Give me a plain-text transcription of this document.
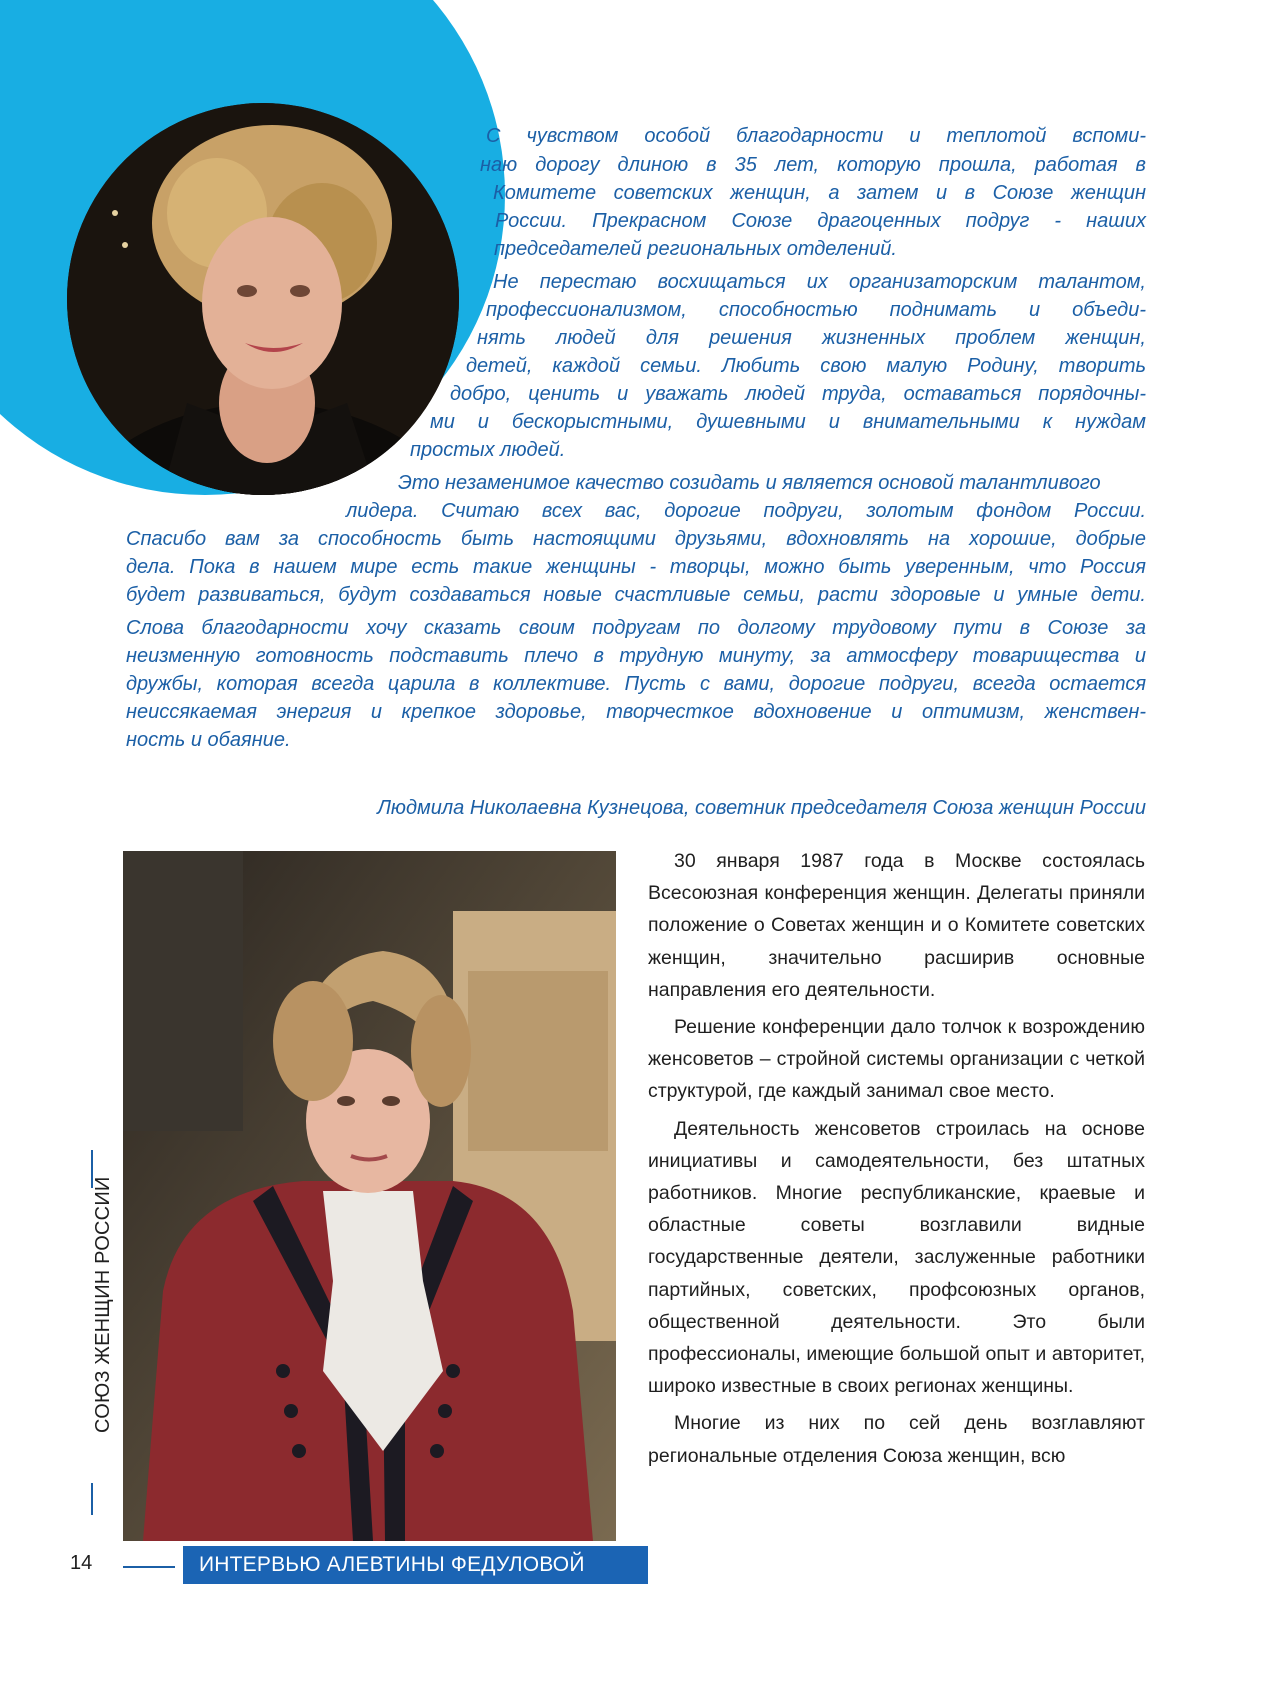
С чувством особой благодарности и теплотой вспоми-

наю дорогу длиною в 35 лет, которую прошла, работая в

Комитете советских женщин, а затем и в Союзе женщин

России. Прекрасном Союзе драгоценных подруг - наших

председателей региональных отделений.

Не перестаю восхищаться их организаторским талантом,

профессионализмом, способностью поднимать и объеди-

нять людей для решения жизненных проблем женщин,

детей, каждой семьи. Любить свою малую Родину, творить

добро, ценить и уважать людей труда, оставаться порядочны-

ми и бескорыстными, душевными и внимательными к нуждам

простых людей.

Это незаменимое качество созидать и является основой талантливого

лидера. Считаю всех вас, дорогие подруги, золотым фондом России.

Спасибо вам за способность быть настоящими друзьями, вдохновлять на хорошие, добрые

дела. Пока в нашем мире есть такие женщины - творцы, можно быть уверенным, что Россия

будет развиваться, будут создаваться новые счастливые семьи, расти здоровые и умные дети.

Слова благодарности хочу сказать своим подругам по долгому трудовому пути в Союзе за

неизменную готовность подставить плечо в трудную минуту, за атмосферу товарищества и

дружбы, которая всегда царила в коллективе. Пусть с вами, дорогие подруги, всегда остается

неиссякаемая энергия и крепкое здоровье, творчесткое вдохновение и оптимизм, женствен-

ность и обаяние.

Людмила Николаевна Кузнецова, советник председателя Союза женщин России

30 января 1987 года в Москве состоялась Всесоюзная конференция женщин. Делегаты приняли положение о Советах женщин и о Комитете советских женщин, значительно расширив основные направления его деятельности.

Решение конференции дало толчок к возрождению женсоветов – стройной системы организации с четкой структурой, где каждый занимал свое место.

Деятельность женсоветов строилась на основе инициативы и самодеятельности, без штатных работников. Многие республиканские, краевые и областные советы возглавили видные государственные деятели, заслуженные работники партийных, советских, профсоюзных органов, общественной деятельности. Это были профессионалы, имеющие большой опыт и авторитет, широко известные в своих регионах женщины.

Многие из них по сей день возглавляют региональные отделения Союза женщин, всю

СОЮЗ ЖЕНЩИН РОССИИ
14	ИНТЕРВЬЮ АЛЕВТИНЫ ФЕДУЛОВОЙ
